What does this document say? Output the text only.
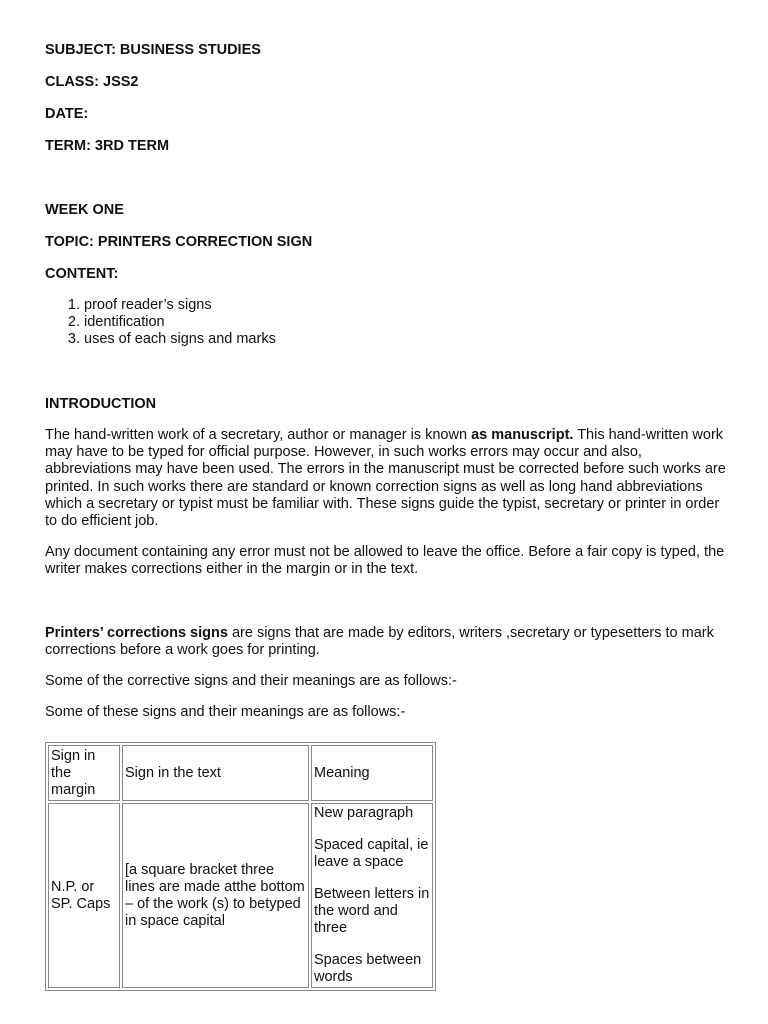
SUBJECT: BUSINESS STUDIES

CLASS: JSS2

DATE:

TERM: 3RD TERM

WEEK ONE

TOPIC: PRINTERS CORRECTION SIGN

CONTENT:

1. proof reader’s signs
2. identification
3. uses of each signs and marks

INTRODUCTION

The hand-written work of a secretary, author or manager is known as manuscript. This hand-written work may have to be typed for official purpose. However, in such works errors may occur and also, abbreviations may have been used. The errors in the manuscript must be corrected before such works are printed. In such works there are standard or known correction signs as well as long hand abbreviations which a secretary or typist must be familiar with. These signs guide the typist, secretary or printer in order to do efficient job.

Any document containing any error must not be allowed to leave the office. Before a fair copy is typed, the writer makes corrections either in the margin or in the text.

Printers’ corrections signs are signs that are made by editors, writers ,secretary or typesetters to mark corrections before a work goes for printing.

Some of the corrective signs and their meanings are as follows:-

Some of these signs and their meanings are as follows:-

Sign in the margin	Sign in the text	Meaning
N.P. or SP. Caps	[a square bracket three lines are made atthe bottom – of the work (s) to betyped in space capital	New paragraph
Spaced capital, ie leave a space
Between letters in the word and three
Spaces between words
